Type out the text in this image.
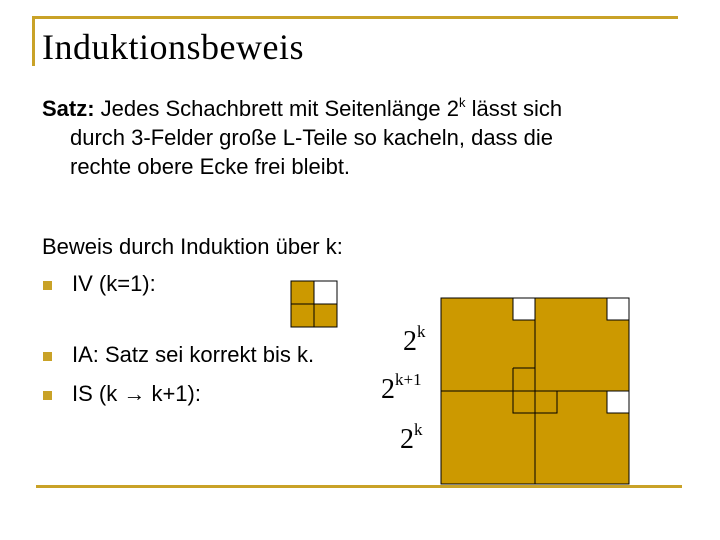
Induktionsbeweis
Satz: Jedes Schachbrett mit Seitenlänge 2$^k$ lässt sich
durch 3-Felder große L-Teile so kacheln, dass die
rechte obere Ecke frei bleibt.
Beweis durch Induktion über k:
IV (k=1):
IA: Satz sei korrekt bis k.
IS (k → k+1):
2$^k$
$2^{k+1}$
2$^k$
